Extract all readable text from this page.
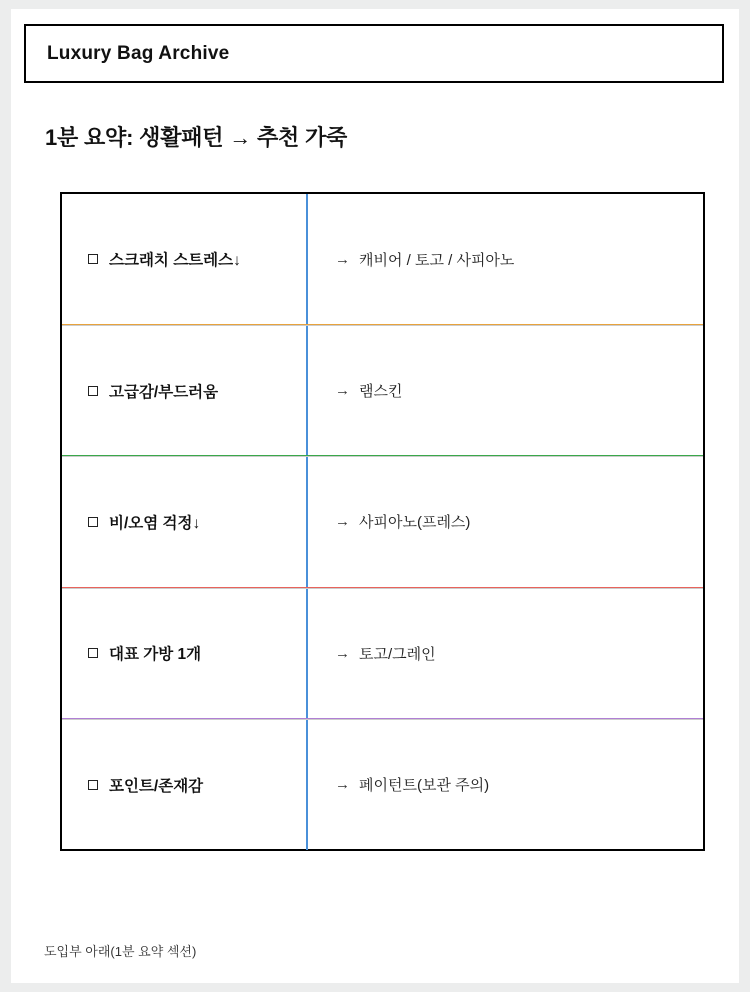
Luxury Bag Archive
1분 요약: 생활패턴 → 추천 가죽
스크래치 스트레스↓	→ 캐비어 / 토고 / 사피아노
고급감/부드러움	→ 램스킨
비/오염 걱정↓	→ 사피아노(프레스)
대표 가방 1개	→ 토고/그레인
포인트/존재감	→ 페이턴트(보관 주의)
도입부 아래(1분 요약 섹션)
